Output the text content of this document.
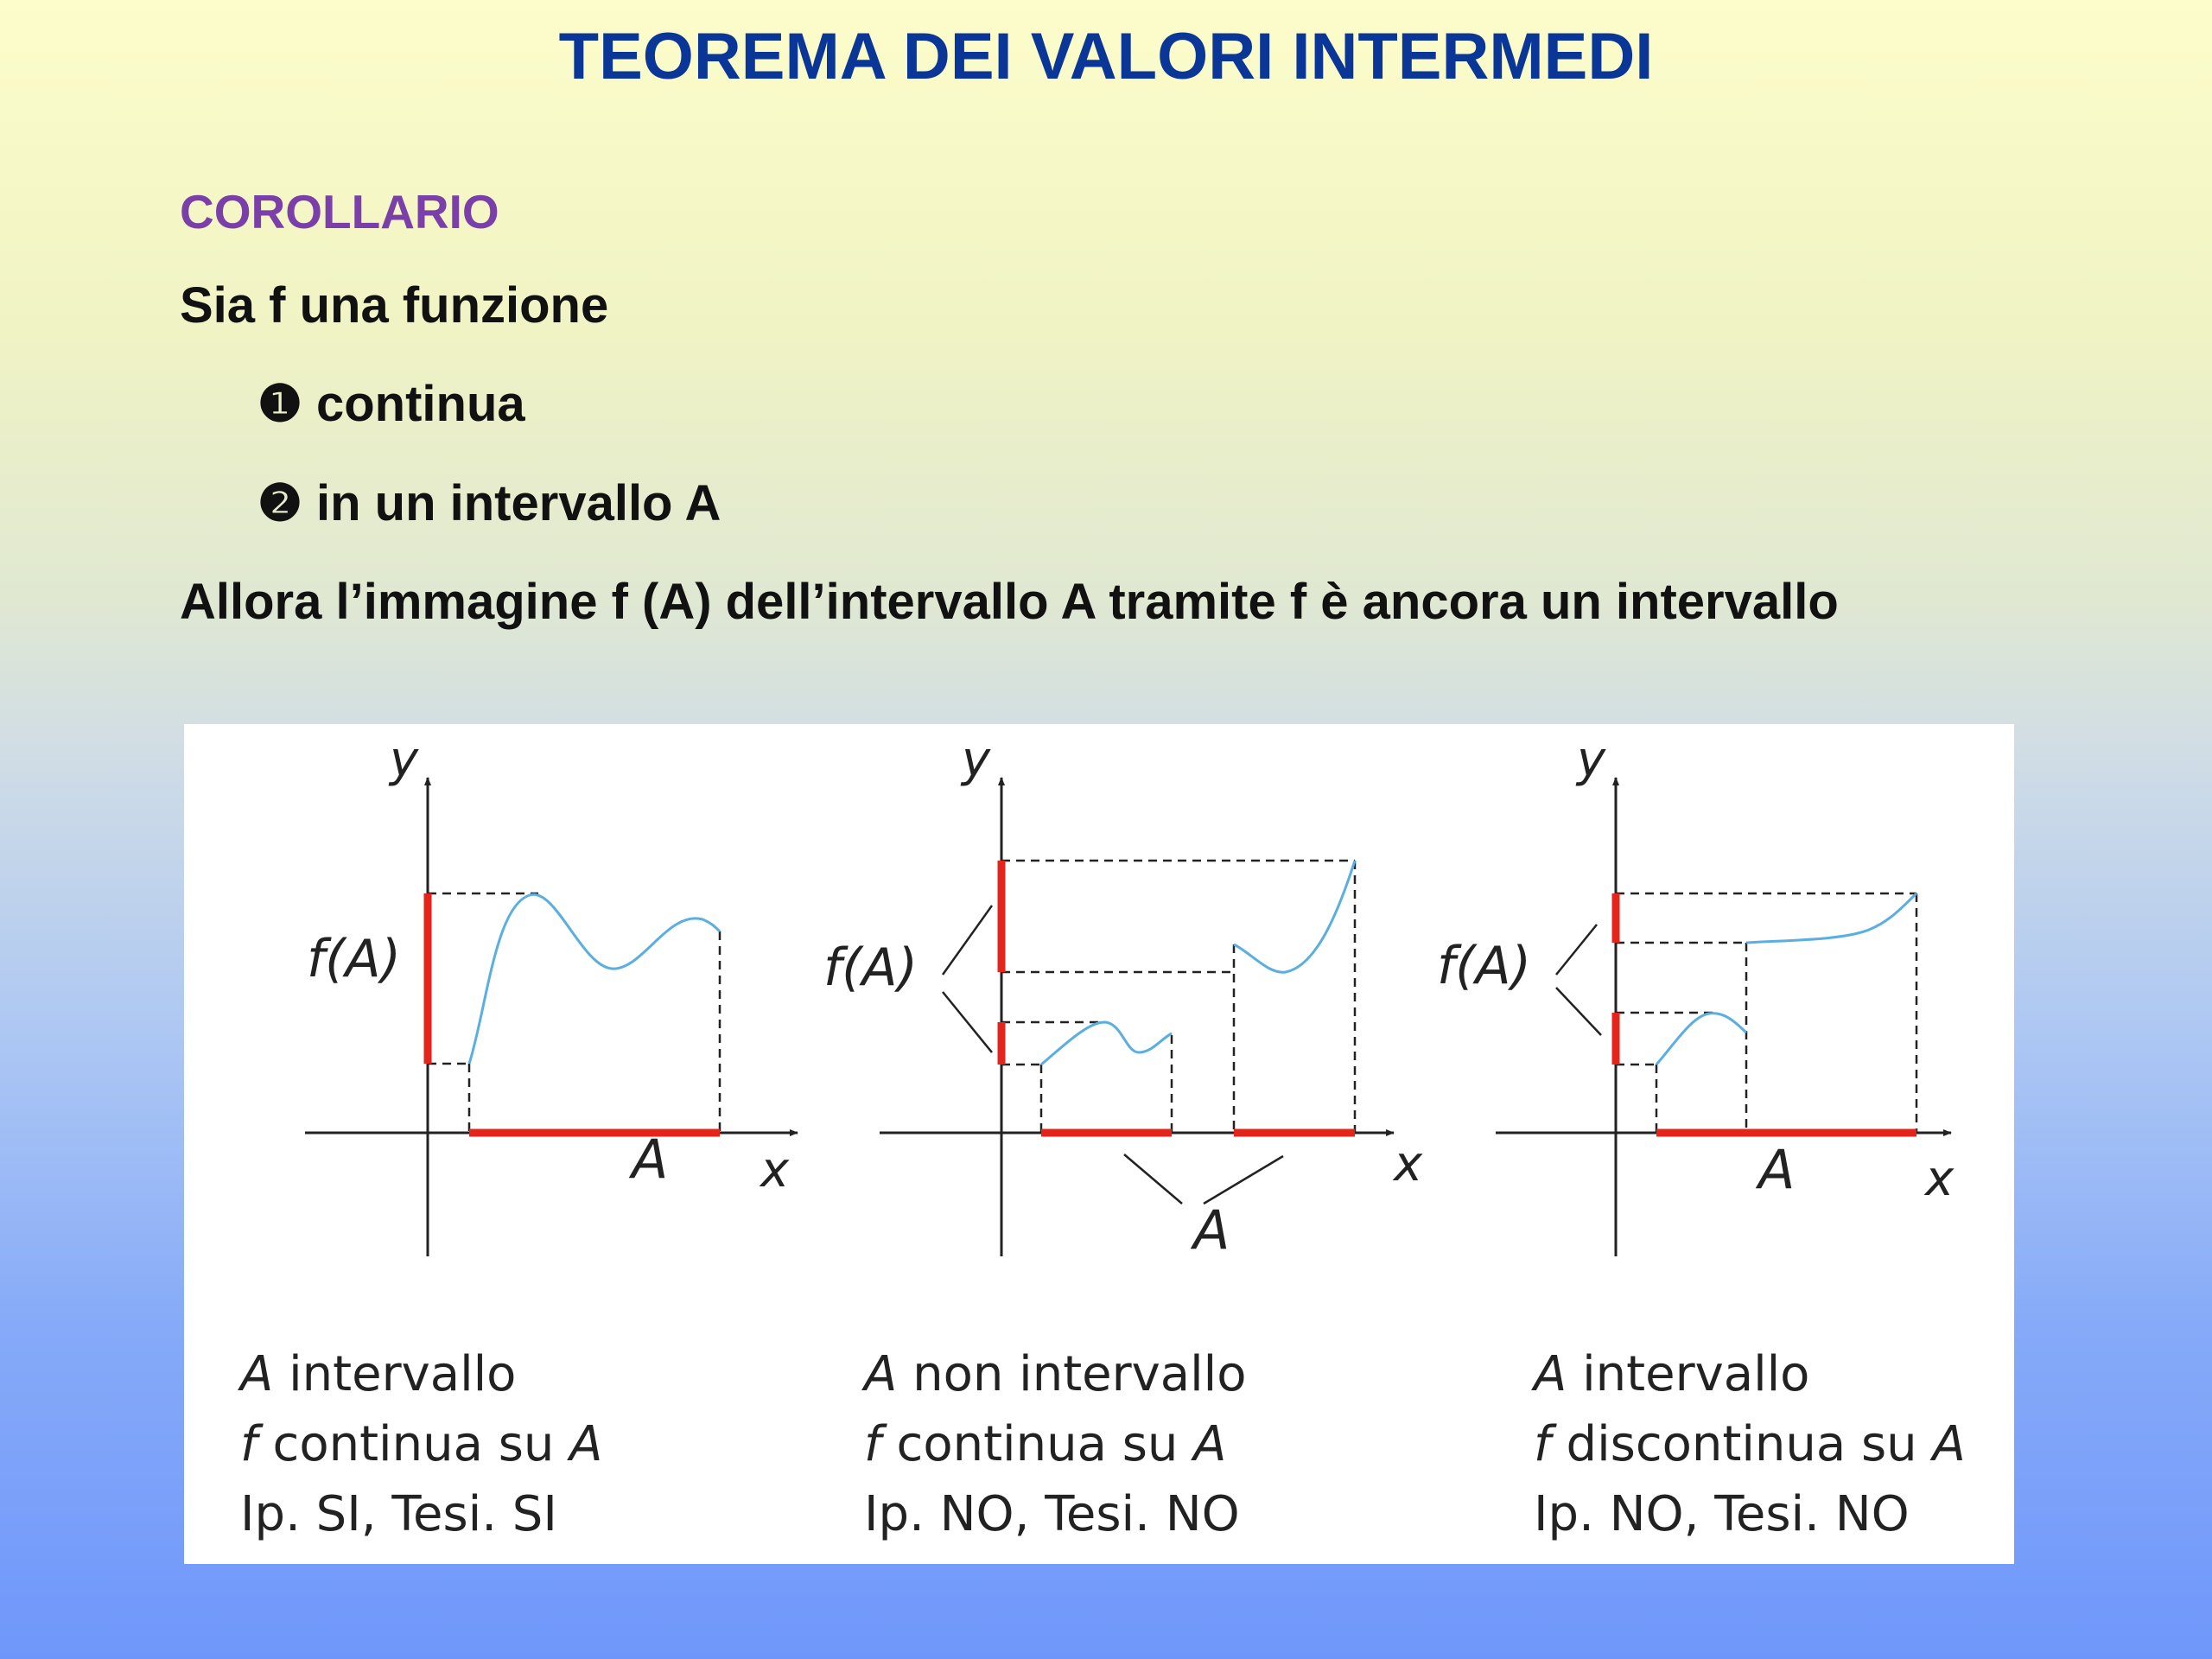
TEOREMA DEI VALORI INTERMEDI
COROLLARIO
Sia f una funzione
❶ continua
❷ in un intervallo A
Allora l’immagine f (A) dell’intervallo A tramite f è ancora un intervallo
y
x
f(A)
A
y
x
f(A)
A
y
x
f(A)
A
A intervallo
f continua su A
Ip. SI, Tesi. SI
A non intervallo
f continua su A
Ip. NO, Tesi. NO
A intervallo
f discontinua su A
Ip. NO, Tesi. NO
